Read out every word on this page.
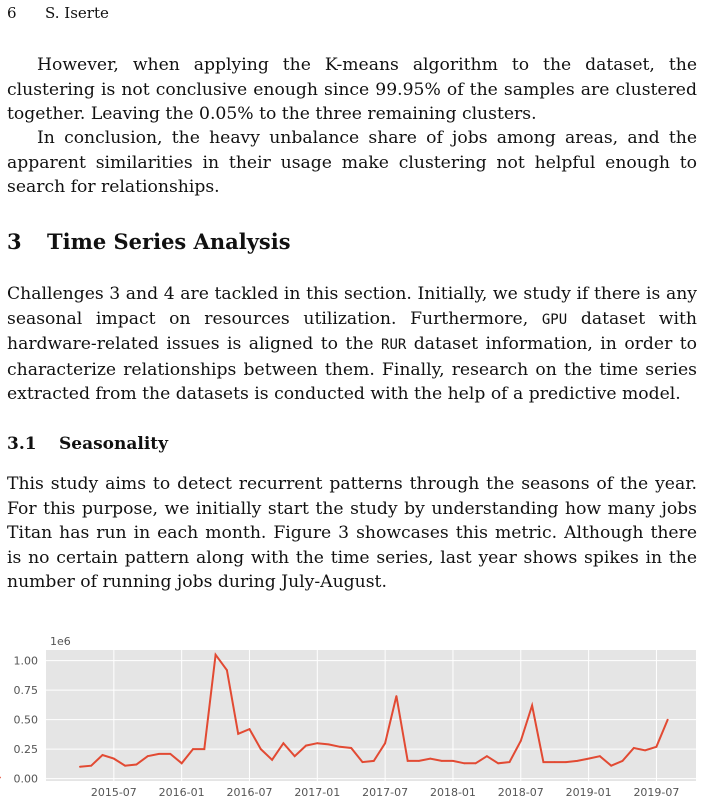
6 S. Iserte

However, when applying the K-means algorithm to the dataset, the clustering is not conclusive enough since 99.95% of the samples are clustered together. Leaving the 0.05% to the three remaining clusters.

In conclusion, the heavy unbalance share of jobs among areas, and the apparent similarities in their usage make clustering not helpful enough to search for relationships.

3 Time Series Analysis

Challenges 3 and 4 are tackled in this section. Initially, we study if there is any seasonal impact on resources utilization. Furthermore, GPU dataset with hardware-related issues is aligned to the RUR dataset information, in order to characterize relationships between them. Finally, research on the time series extracted from the datasets is conducted with the help of a predictive model.

3.1 Seasonality

This study aims to detect recurrent patterns through the seasons of the year. For this purpose, we initially start the study by understanding how many jobs Titan has run in each month. Figure 3 showcases this metric. Although there is no certain pattern along with the time series, last year shows spikes in the number of running jobs during July-August.

0.00
0.25
0.50
0.75
1.00
2015-07 2016-01 2016-07 2017-01 2017-07 2018-01 2018-07 2019-01 2019-07
1e6
